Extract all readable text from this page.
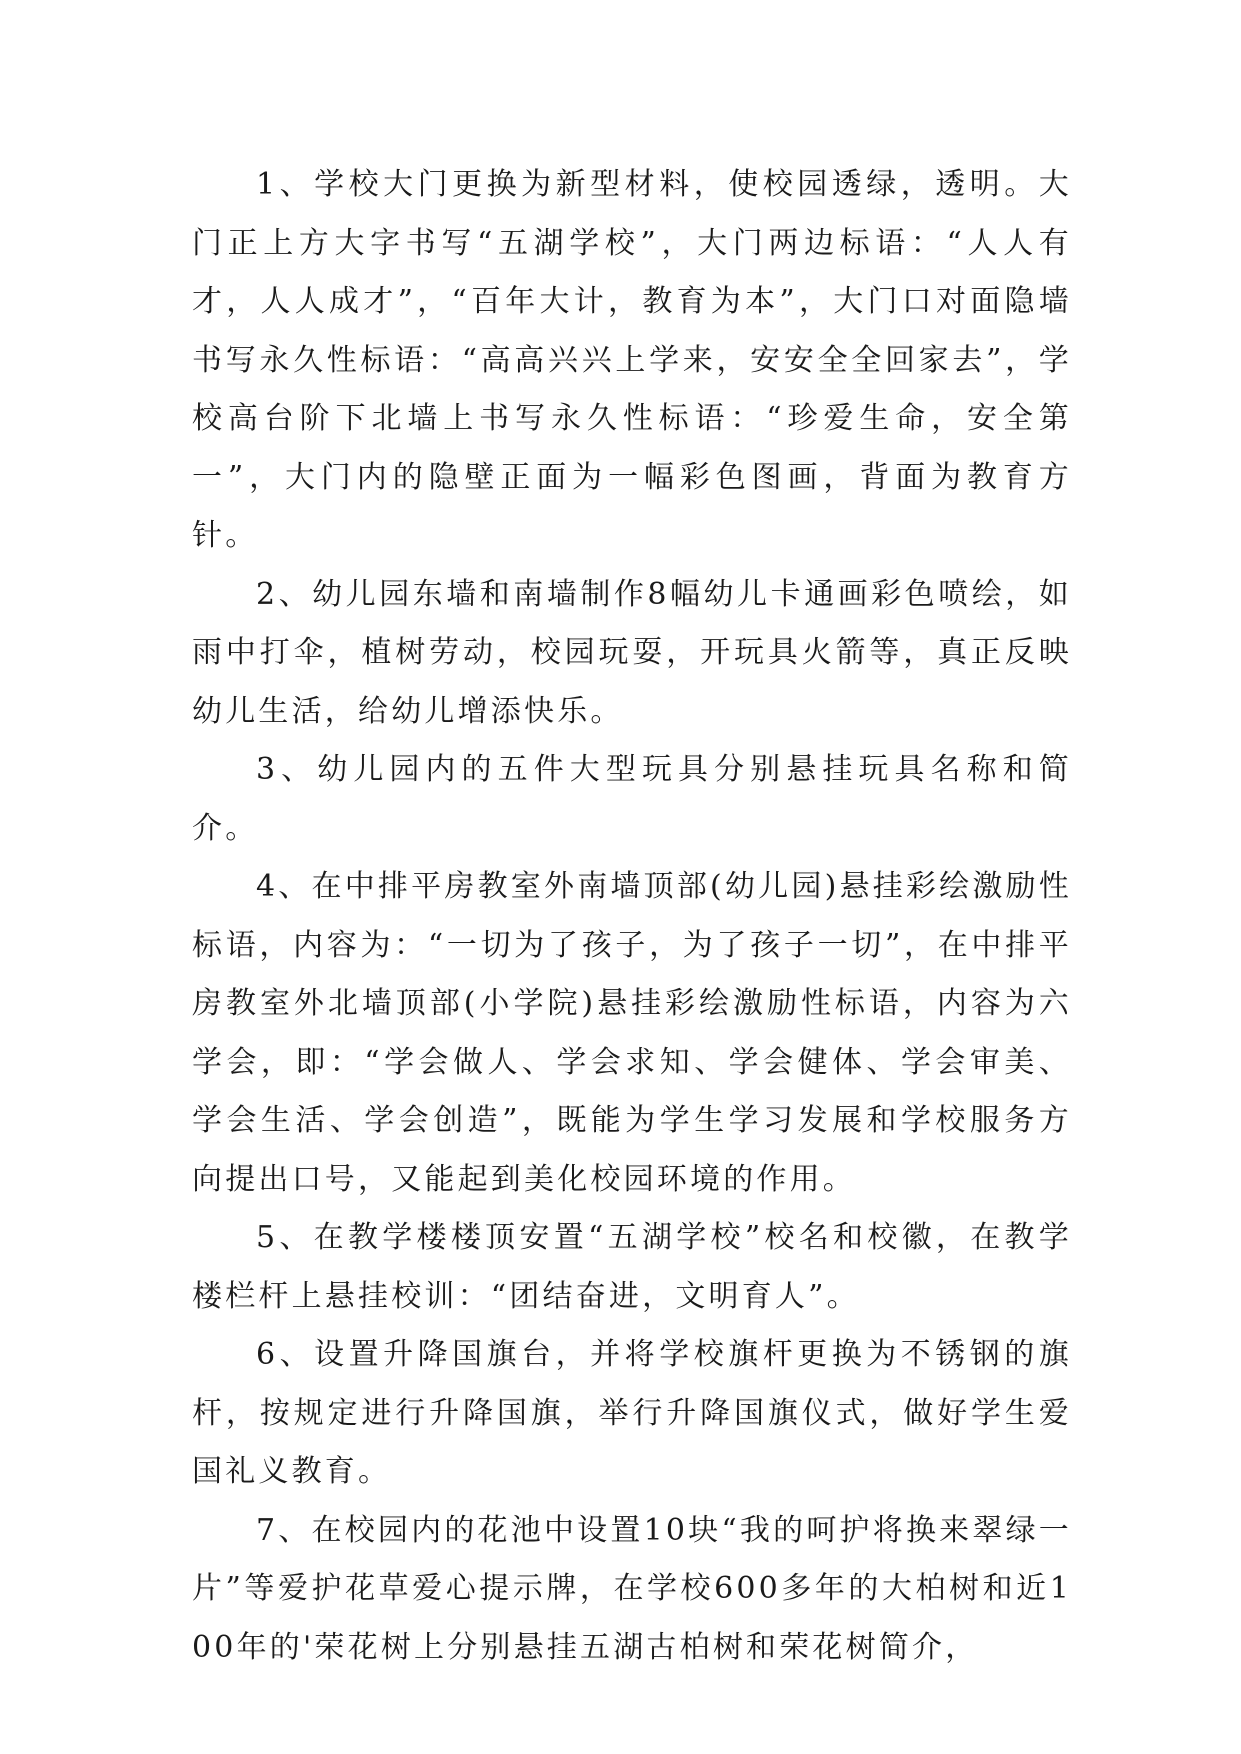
1、学校大门更换为新型材料，使校园透绿，透明。大门正上方大字书写“五湖学校”，大门两边标语：“人人有才，人人成才”，“百年大计，教育为本”，大门口对面隐墙书写永久性标语：“高高兴兴上学来，安安全全回家去”，学校高台阶下北墙上书写永久性标语：“珍爱生命，安全第一”，大门内的隐壁正面为一幅彩色图画，背面为教育方针。

2、幼儿园东墙和南墙制作8幅幼儿卡通画彩色喷绘，如雨中打伞，植树劳动，校园玩耍，开玩具火箭等，真正反映幼儿生活，给幼儿增添快乐。

3、幼儿园内的五件大型玩具分别悬挂玩具名称和简介。

4、在中排平房教室外南墙顶部(幼儿园)悬挂彩绘激励性标语，内容为：“一切为了孩子，为了孩子一切”，在中排平房教室外北墙顶部(小学院)悬挂彩绘激励性标语，内容为六学会，即：“学会做人、学会求知、学会健体、学会审美、学会生活、学会创造”，既能为学生学习发展和学校服务方向提出口号，又能起到美化校园环境的作用。

5、在教学楼楼顶安置“五湖学校”校名和校徽，在教学楼栏杆上悬挂校训：“团结奋进，文明育人”。

6、设置升降国旗台，并将学校旗杆更换为不锈钢的旗杆，按规定进行升降国旗，举行升降国旗仪式，做好学生爱国礼义教育。

7、在校园内的花池中设置10块“我的呵护将换来翠绿一片”等爱护花草爱心提示牌，在学校600多年的大柏树和近100年的'荣花树上分别悬挂五湖古柏树和荣花树简介，
